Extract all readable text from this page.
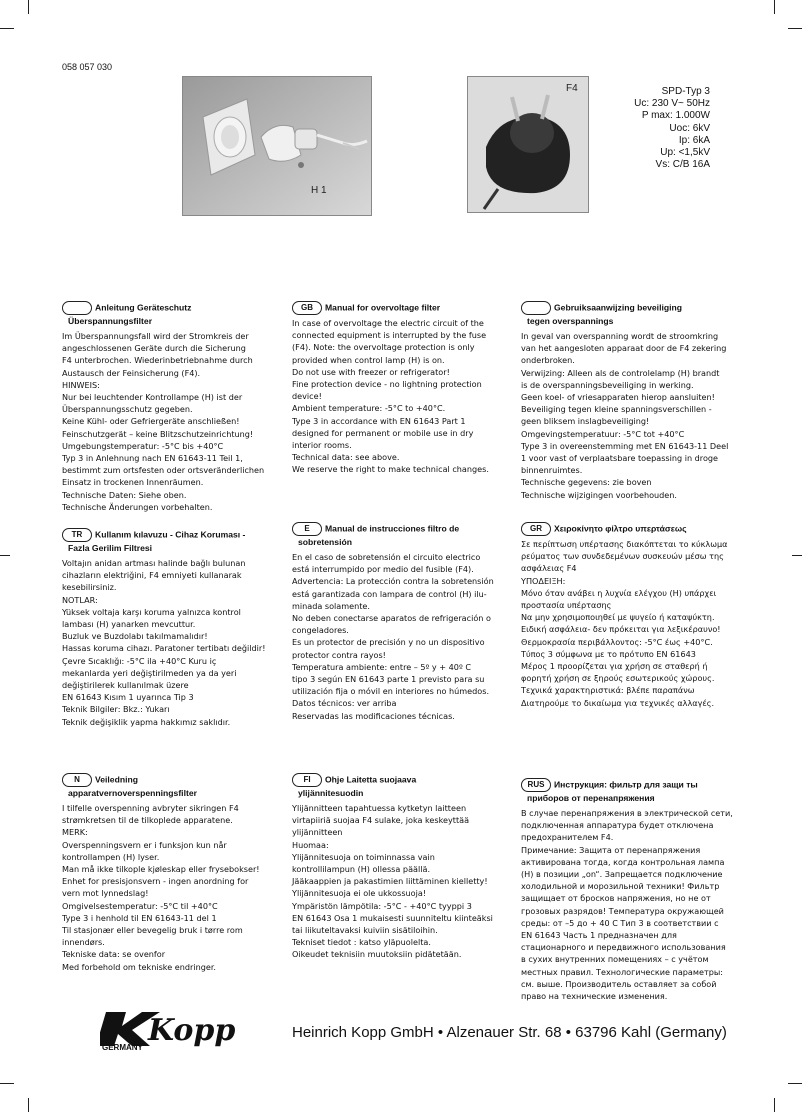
058 057 030
H 1
F4	SPD-Typ 3
Uc: 230 V~ 50Hz
P max: 1.000W
Uoc: 6kV
Ip: 6kA
Up: <1,5kV
Vs: C/B 16A
Anleitung Geräteschutz
Überspannungsfilter

Im Überspannungsfall wird der Stromkreis der

angeschlossenen Geräte durch die Sicherung

F4 unterbrochen. Wiederinbetriebnahme durch

Austausch der Feinsicherung (F4).

HINWEIS:

Nur bei leuchtender Kontrollampe (H) ist der

Überspannungsschutz gegeben.

Keine Kühl- oder Gefriergeräte anschließen!

Feinschutzgerät – keine Blitzschutzeinrichtung!

Umgebungstemperatur: -5°C bis +40°C

Typ 3 in Anlehnung nach EN 61643-11 Teil 1,

bestimmt zum ortsfesten oder ortsveränderlichen

Einsatz in trockenen Innenräumen.

Technische Daten: Siehe oben.

Technische Änderungen vorbehalten.

GB Manual for overvoltage filter

In case of overvoltage the electric circuit of the

connected equipment is interrupted by the fuse

(F4). Note: the overvoltage protection is only

provided when control lamp (H) is on.

Do not use with freezer or refrigerator!

Fine protection device - no lightning protection

device!

Ambient temperature: -5°C to +40°C.

Type 3 in accordance with EN 61643 Part 1

designed for permanent or mobile use in dry

interior rooms.

Technical data: see above.

We reserve the right to make technical changes.

Gebruiksaanwijzing beveiliging
tegen overspannings

In geval van overspanning wordt de stroomkring

van het aangesloten apparaat door de F4 zekering

onderbroken.

Verwijzing: Alleen als de controlelamp (H) brandt

is de overspanningsbeveiliging in werking.

Geen koel- of vriesapparaten hierop aansluiten!

Beveiliging tegen kleine spanningsverschillen -

geen bliksem inslagbeveiliging!

Omgevingstemperatuur: -5°C tot +40°C

Type 3 in overeenstemming met EN 61643-11 Deel

1 voor vast of verplaatsbare toepassing in droge

binnenruimtes.

Technische gegevens: zie boven

Technische wijzigingen voorbehouden.

TR Kullanım kılavuzu - Cihaz Koruması -
Fazla Gerilim Filtresi

Voltajın anidan artması halinde bağlı bulunan

cihazların elektriğini, F4 emniyeti kullanarak

kesebilirsiniz.

NOTLAR:

Yüksek voltaja karşı koruma yalnızca kontrol

lambası (H) yanarken mevcuttur.

Buzluk ve Buzdolabı takılmamalıdır!

Hassas koruma cihazı. Paratoner tertibatı değildir!

Çevre Sıcaklığı: -5°C ila +40°C Kuru iç

mekanlarda yeri değiştirilmeden ya da yeri

değiştirilerek kullanılmak üzere

EN 61643 Kısım 1 uyarınca Tip 3

Teknik Bilgiler: Bkz.: Yukarı

Teknik değişiklik yapma hakkımız saklıdır.

E Manual de instrucciones filtro de
sobretensión

En el caso de sobretensión el circuito electrico

está interrumpido por medio del fusible (F4).

Advertencia: La protección contra la sobretensión

está garantizada con lampara de control (H) ilu-

minada solamente.

No deben conectarse aparatos de refrigeración o

congeladores.

Es un protector de precisión y no un dispositivo

protector contra rayos!

Temperatura ambiente: entre – 5º y + 40º C

tipo 3 según EN 61643 parte 1 previsto para su

utilización fija o móvil en interiores no húmedos.

Datos técnicos: ver arriba

Reservadas las modificaciones técnicas.

GR Χειροκίνητο φίλτρο υπερτάσεως

Σε περίπτωση υπέρτασης διακόπτεται το κύκλωμα

ρεύματος των συνδεδεμένων συσκευών μέσω της

ασφάλειας F4

ΥΠΟΔΕΙΞΗ:

Μόνο όταν ανάβει η λυχνία ελέγχου (H) υπάρχει

προστασία υπέρτασης

Να μην χρησιμοποιηθεί με ψυγείο ή καταψύκτη.

Ειδική ασφάλεια- δεν πρόκειται για λεξικέραυνο!

Θερμοκρασία περιβάλλοντος: -5°C έως +40°C.

Τύπος 3 σύμφωνα με το πρότυπο EN 61643

Μέρος 1 προορίζεται για χρήση σε σταθερή ή

φορητή χρήση σε ξηρούς εσωτερικούς χώρους.

Τεχνικά χαρακτηριστικά: βλέπε παραπάνω

Διατηρούμε το δικαίωμα για τεχνικές αλλαγές.

N Veiledning
apparatvernoverspenningsfilter

I tilfelle overspenning avbryter sikringen F4

strømkretsen til de tilkoplede apparatene.

MERK:

Overspenningsvern er i funksjon kun når

kontrollampen (H) lyser.

Man må ikke tilkople kjøleskap eller frysebokser!

Enhet for presisjonsvern - ingen anordning for

vern mot lynnedslag!

Omgivelsestemperatur: -5°C til +40°C

Type 3 i henhold til EN 61643-11 del 1

Til stasjonær eller bevegelig bruk i tørre rom

innendørs.

Tekniske data: se ovenfor

Med forbehold om tekniske endringer.

FI Ohje Laitetta suojaava
ylijännitesuodin

Ylijännitteen tapahtuessa kytketyn laitteen

virtapiiriä suojaa F4 sulake, joka keskeyttää

ylijännitteen

Huomaa:

Ylijännitesuoja on toiminnassa vain

kontrollilampun (H) ollessa päällä.

Jääkaappien ja pakastimien liittäminen kielletty!

Ylijännitesuoja ei ole ukkossuoja!

Ympäristön lämpötila: -5°C - +40°C tyyppi 3

EN 61643 Osa 1 mukaisesti suunniteltu kiinteäksi

tai liikuteltavaksi kuiviin sisätiloihin.

Tekniset tiedot : katso yläpuolelta.

Oikeudet teknisiin muutoksiin pidätetään.

RUS Инструкция: фильтр для защи ты
приборов от перенапряжения

В случае перенапряжения в электрической сети,

подключенная аппаратура будет отключена

предохранителем F4.

Примечание: Защита от перенапряжения

активирована тогда, когда контрольная лампа

(H) в позиции „on“. Запрещается подключение

холодильной и морозильной техники! Фильтр

защищает от бросков напряжения, но не от

грозовых разрядов! Температура окружающей

среды: от –5 до + 40 С Тип 3 в соответствии с

EN 61643 Часть 1 предназначен для

стационарного и передвижного использования

в сухих внутренних помещениях – с учётом

местных правил. Технологические параметры:

см. выше. Производитель оставляет за собой

право на технические изменения.

Kopp
GERMANY
Heinrich Kopp GmbH • Alzenauer Str. 68 • 63796 Kahl (Germany)
